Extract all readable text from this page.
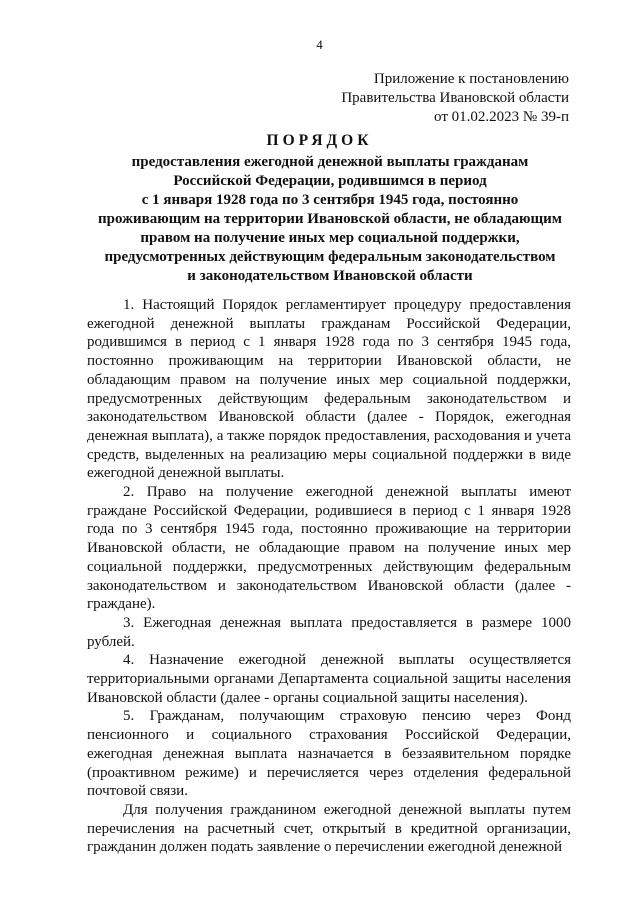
4
Приложение к постановлению
Правительства Ивановской области
от 01.02.2023 № 39-п
ПОРЯДОК
предоставления ежегодной денежной выплаты гражданам
Российской Федерации, родившимся в период
с 1 января 1928 года по 3 сентября 1945 года, постоянно
проживающим на территории Ивановской области, не обладающим
правом на получение иных мер социальной поддержки,
предусмотренных действующим федеральным законодательством
и законодательством Ивановской области

1. Настоящий Порядок регламентирует процедуру предоставления ежегодной денежной выплаты гражданам Российской Федерации, родившимся в период с 1 января 1928 года по 3 сентября 1945 года, постоянно проживающим на территории Ивановской области, не обладающим правом на получение иных мер социальной поддержки, предусмотренных действующим федеральным законодательством и законодательством Ивановской области (далее - Порядок, ежегодная денежная выплата), а также порядок предоставления, расходования и учета средств, выделенных на реализацию меры социальной поддержки в виде ежегодной денежной выплаты.

2. Право на получение ежегодной денежной выплаты имеют граждане Российской Федерации, родившиеся в период с 1 января 1928 года по 3 сентября 1945 года, постоянно проживающие на территории Ивановской области, не обладающие правом на получение иных мер социальной поддержки, предусмотренных действующим федеральным законодательством и законодательством Ивановской области (далее - граждане).

3. Ежегодная денежная выплата предоставляется в размере 1000 рублей.

4. Назначение ежегодной денежной выплаты осуществляется территориальными органами Департамента социальной защиты населения Ивановской области (далее - органы социальной защиты населения).

5. Гражданам, получающим страховую пенсию через Фонд пенсионного и социального страхования Российской Федерации, ежегодная денежная выплата назначается в беззаявительном порядке (проактивном режиме) и перечисляется через отделения федеральной почтовой связи.

Для получения гражданином ежегодной денежной выплаты путем перечисления на расчетный счет, открытый в кредитной организации, гражданин должен подать заявление о перечислении ежегодной денежной
